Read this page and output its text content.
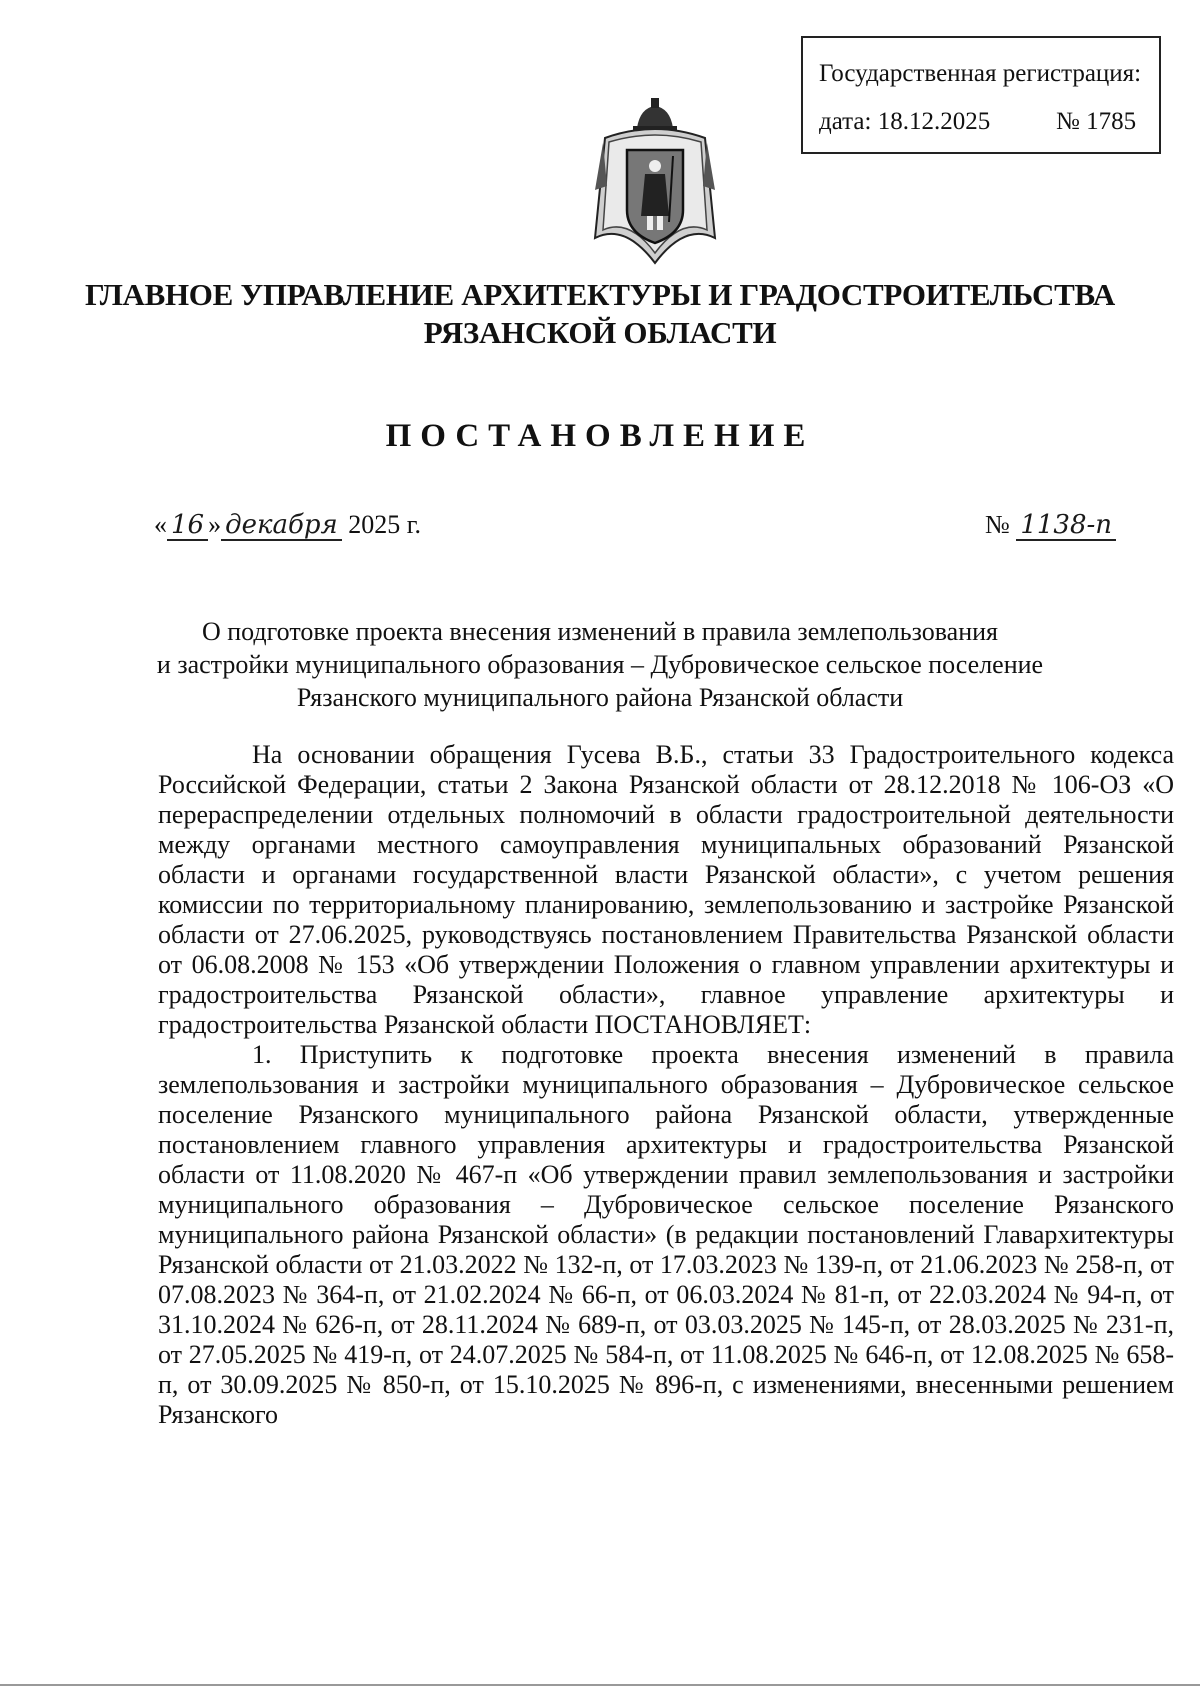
Государственная регистрация:
дата: 18.12.2025	№ 1785
ГЛАВНОЕ УПРАВЛЕНИЕ АРХИТЕКТУРЫ И ГРАДОСТРОИТЕЛЬСТВА
РЯЗАНСКОЙ ОБЛАСТИ
ПОСТАНОВЛЕНИЕ
« 16 » декабря 2025 г.	№ 1138-п
О подготовке проекта внесения изменений в правила землепользования
и застройки муниципального образования – Дубровическое сельское поселение
Рязанского муниципального района Рязанской области

На основании обращения Гусева В.Б., статьи 33 Градостроительного кодекса Российской Федерации, статьи 2 Закона Рязанской области от 28.12.2018 № 106-ОЗ «О перераспределении отдельных полномочий в области градостроительной деятельности между органами местного самоуправления муниципальных образований Рязанской области и органами государственной власти Рязанской области», с учетом решения комиссии по территориальному планированию, землепользованию и застройке Рязанской области от 27.06.2025, руководствуясь постановлением Правительства Рязанской области от 06.08.2008 № 153 «Об утверждении Положения о главном управлении архитектуры и градостроительства Рязанской области», главное управление архитектуры и градостроительства Рязанской области ПОСТАНОВЛЯЕТ:

1. Приступить к подготовке проекта внесения изменений в правила землепользования и застройки муниципального образования – Дубровическое сельское поселение Рязанского муниципального района Рязанской области, утвержденные постановлением главного управления архитектуры и градостроительства Рязанской области от 11.08.2020 № 467-п «Об утверждении правил землепользования и застройки муниципального образования – Дубровическое сельское поселение Рязанского муниципального района Рязанской области» (в редакции постановлений Главархитектуры Рязанской области от 21.03.2022 № 132-п, от 17.03.2023 № 139-п, от 21.06.2023 № 258-п, от 07.08.2023 № 364-п, от 21.02.2024 № 66-п, от 06.03.2024 № 81-п, от 22.03.2024 № 94-п, от 31.10.2024 № 626-п, от 28.11.2024 № 689-п, от 03.03.2025 № 145-п, от 28.03.2025 № 231-п, от 27.05.2025 № 419-п, от 24.07.2025 № 584-п, от 11.08.2025 № 646-п, от 12.08.2025 № 658-п, от 30.09.2025 № 850-п, от 15.10.2025 № 896-п, с изменениями, внесенными решением Рязанского
